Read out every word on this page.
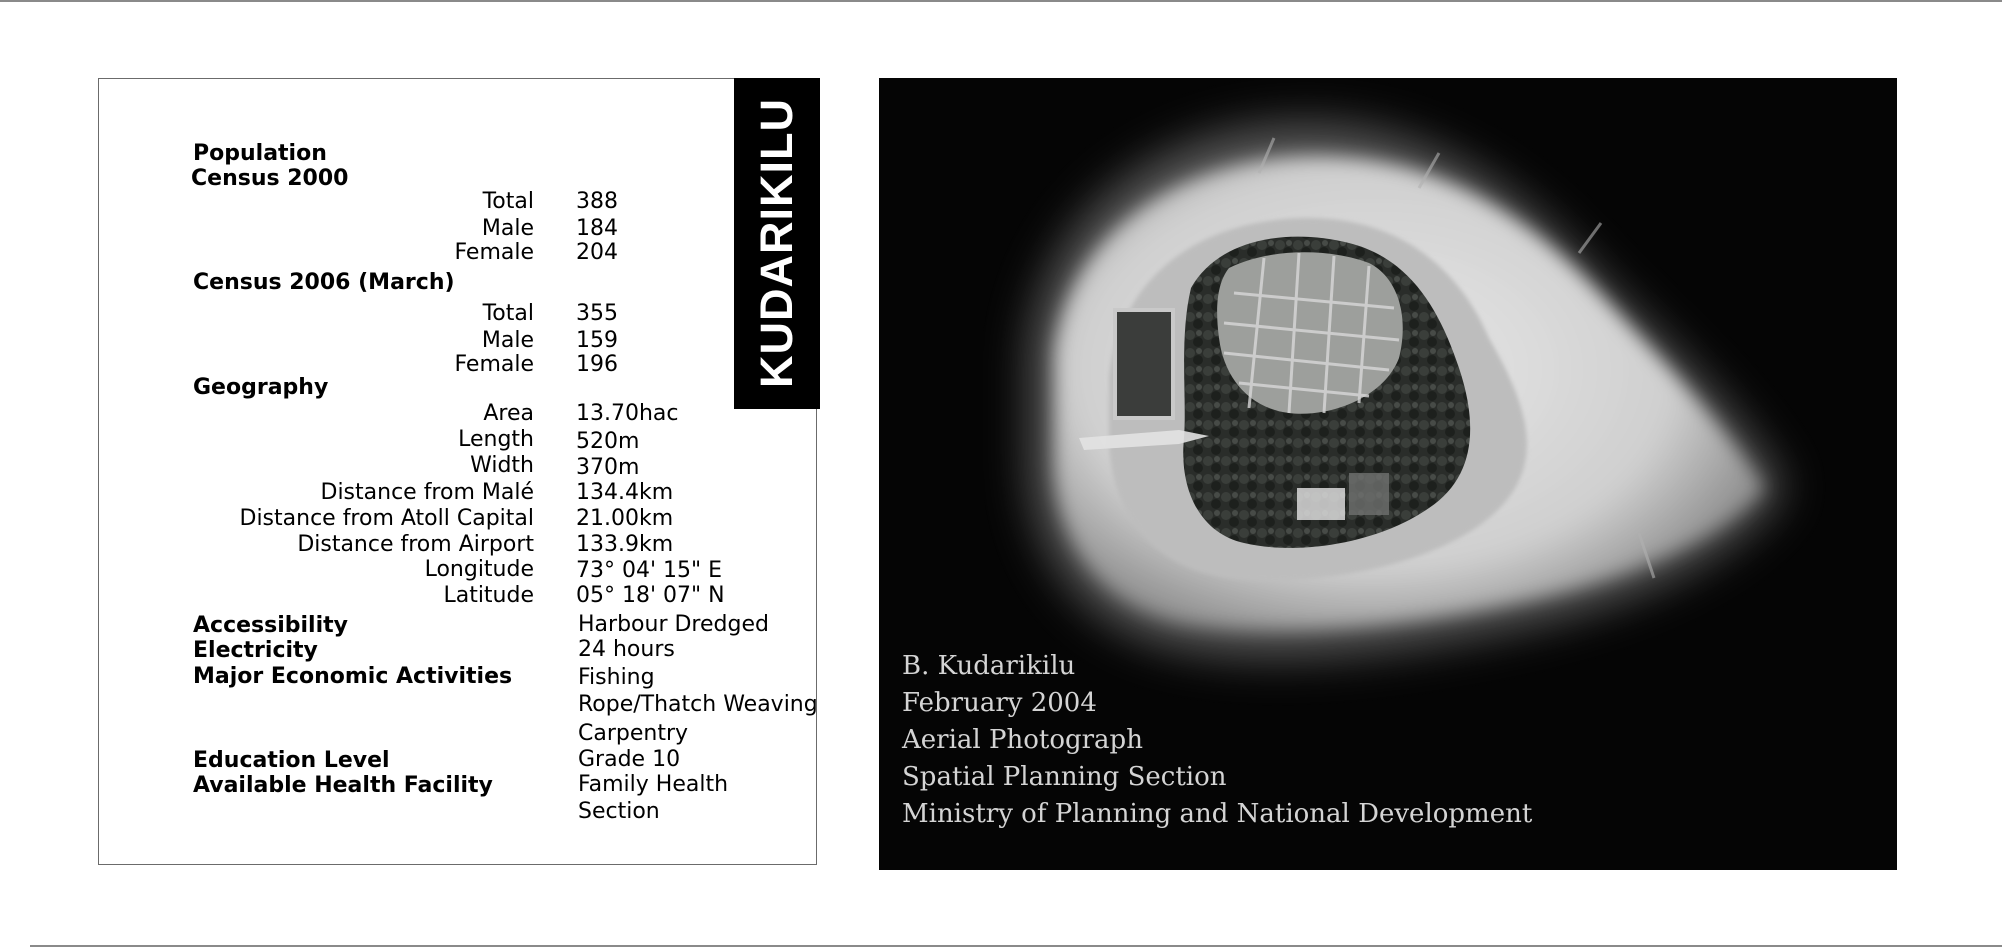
KUDARIKILU
Population
Census 2000
Total 388
Male 184
Female 204
Census 2006 (March)
Total 355
Male 159
Female 196
Geography
Area 13.70hac
Length 520m
Width 370m
Distance from Malé 134.4km
Distance from Atoll Capital 21.00km
Distance from Airport 133.9km
Longitude 73° 04' 15" E
Latitude 05° 18' 07" N
Accessibility	Harbour Dredged
Electricity	24 hours
Major Economic Activities	Fishing
Rope/Thatch Weaving
Carpentry
Education Level	Grade 10
Available Health Facility	Family Health
Section
B. Kudarikilu
February 2004
Aerial Photograph
Spatial Planning Section
Ministry of Planning and National Development
